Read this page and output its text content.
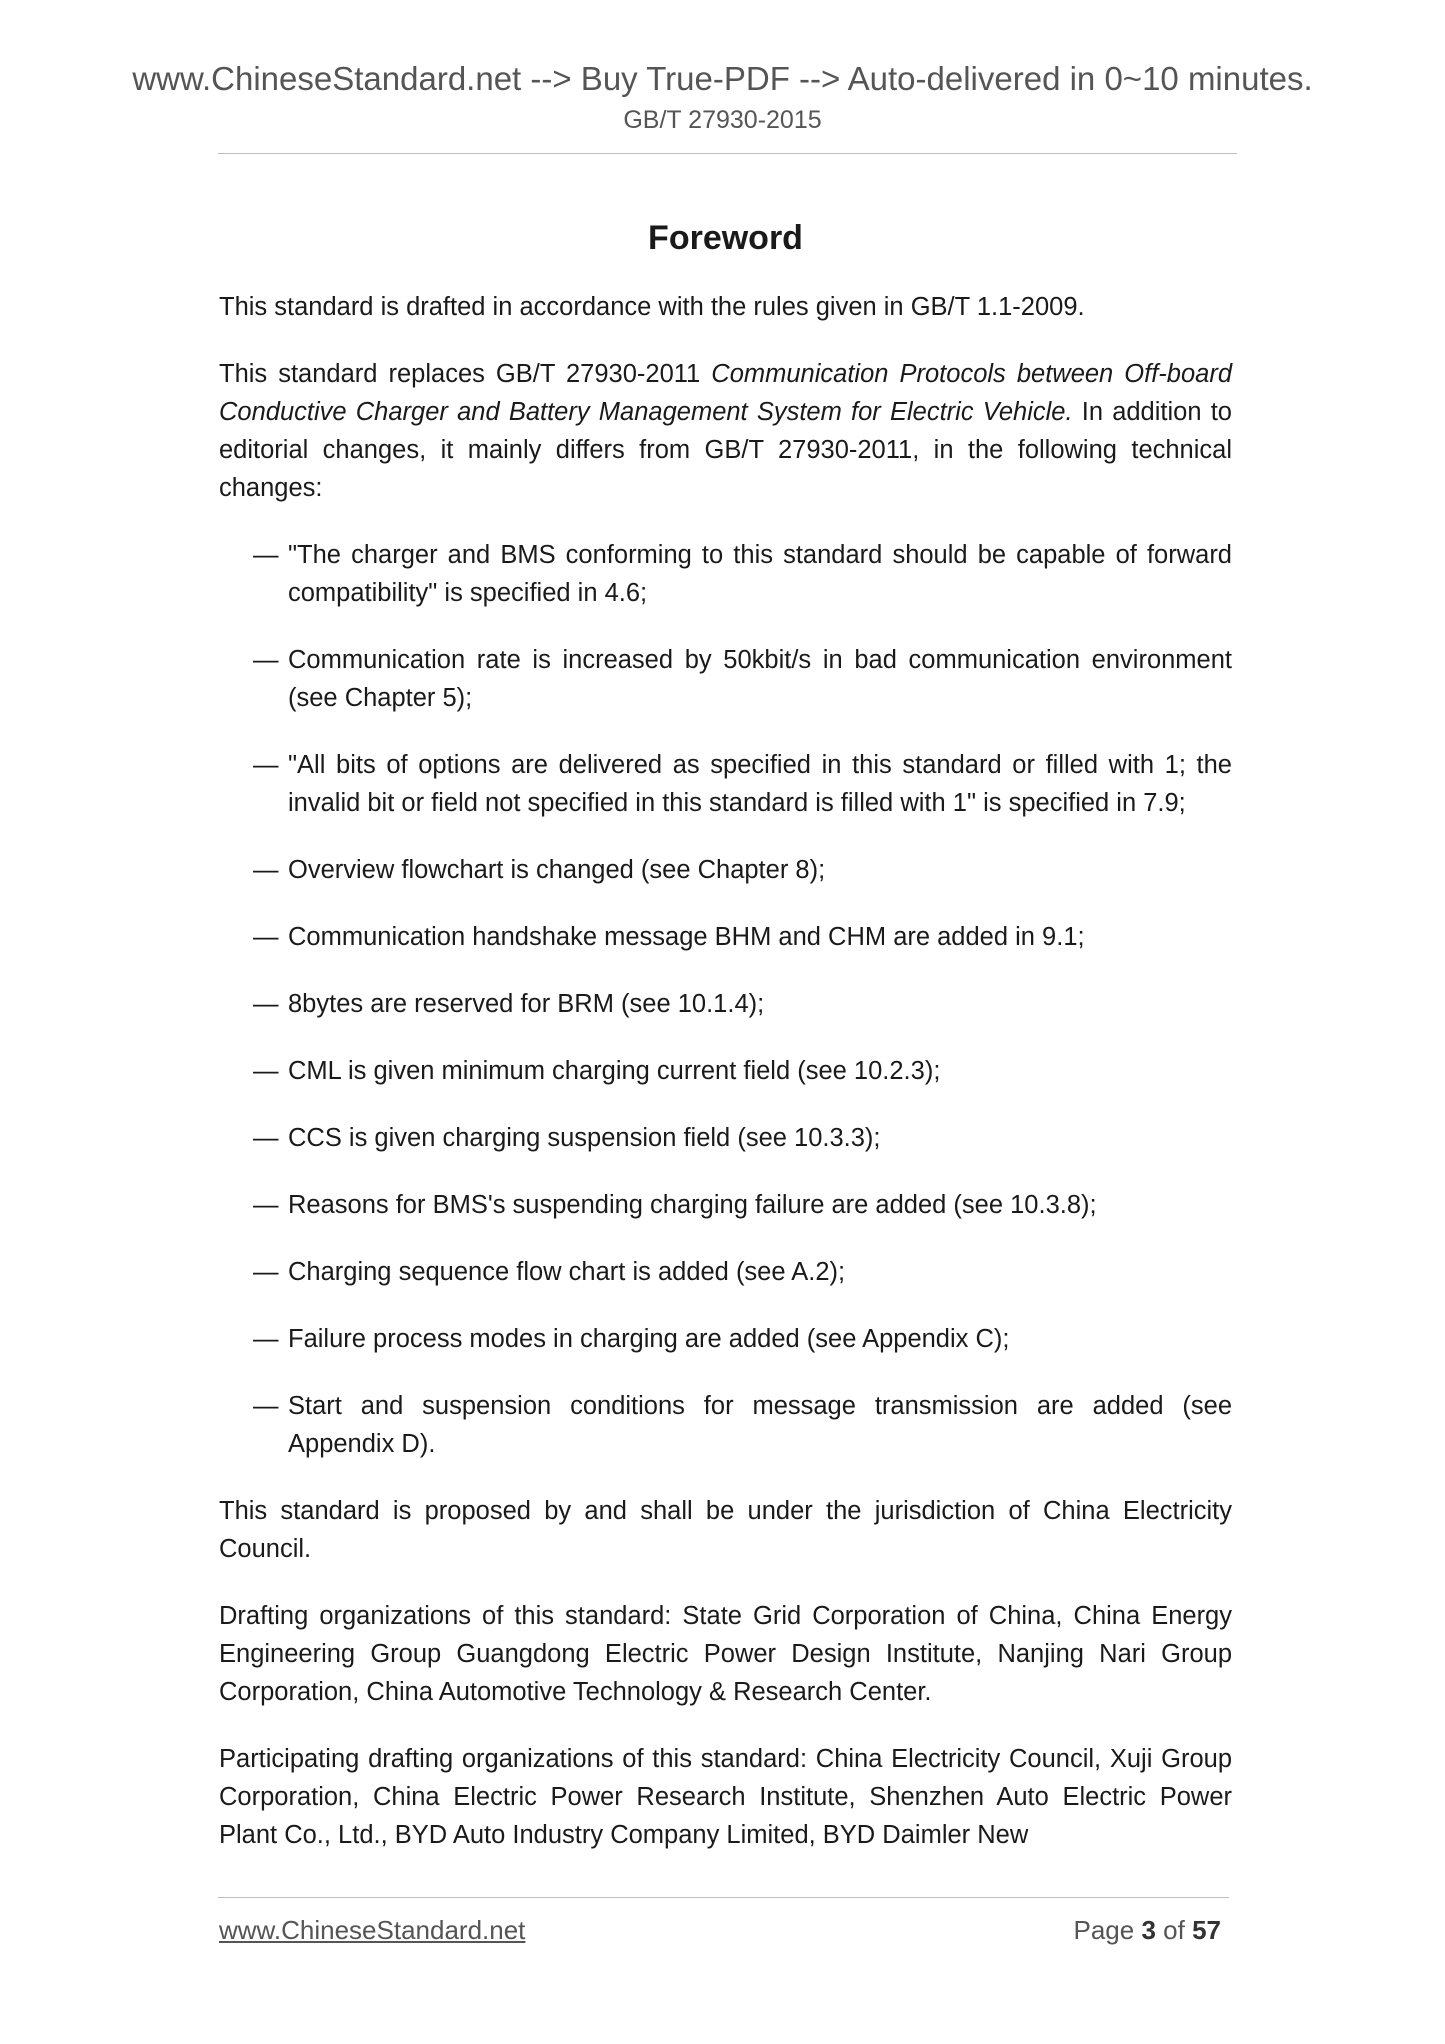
www.ChineseStandard.net --> Buy True-PDF --> Auto-delivered in 0~10 minutes.
GB/T 27930-2015
Foreword

This standard is drafted in accordance with the rules given in GB/T 1.1-2009.

This standard replaces GB/T 27930-2011 Communication Protocols between Off-board Conductive Charger and Battery Management System for Electric Vehicle. In addition to editorial changes, it mainly differs from GB/T 27930-2011, in the following technical changes:

— "The charger and BMS conforming to this standard should be capable of forward compatibility" is specified in 4.6;
— Communication rate is increased by 50kbit/s in bad communication environment (see Chapter 5);
— "All bits of options are delivered as specified in this standard or filled with 1; the invalid bit or field not specified in this standard is filled with 1" is specified in 7.9;
— Overview flowchart is changed (see Chapter 8);
— Communication handshake message BHM and CHM are added in 9.1;
— 8bytes are reserved for BRM (see 10.1.4);
— CML is given minimum charging current field (see 10.2.3);
— CCS is given charging suspension field (see 10.3.3);
— Reasons for BMS's suspending charging failure are added (see 10.3.8);
— Charging sequence flow chart is added (see A.2);
— Failure process modes in charging are added (see Appendix C);
— Start and suspension conditions for message transmission are added (see Appendix D).

This standard is proposed by and shall be under the jurisdiction of China Electricity Council.

Drafting organizations of this standard: State Grid Corporation of China, China Energy Engineering Group Guangdong Electric Power Design Institute, Nanjing Nari Group Corporation, China Automotive Technology & Research Center.

Participating drafting organizations of this standard: China Electricity Council, Xuji Group Corporation, China Electric Power Research Institute, Shenzhen Auto Electric Power Plant Co., Ltd., BYD Auto Industry Company Limited, BYD Daimler New

www.ChineseStandard.net	Page 3 of 57
